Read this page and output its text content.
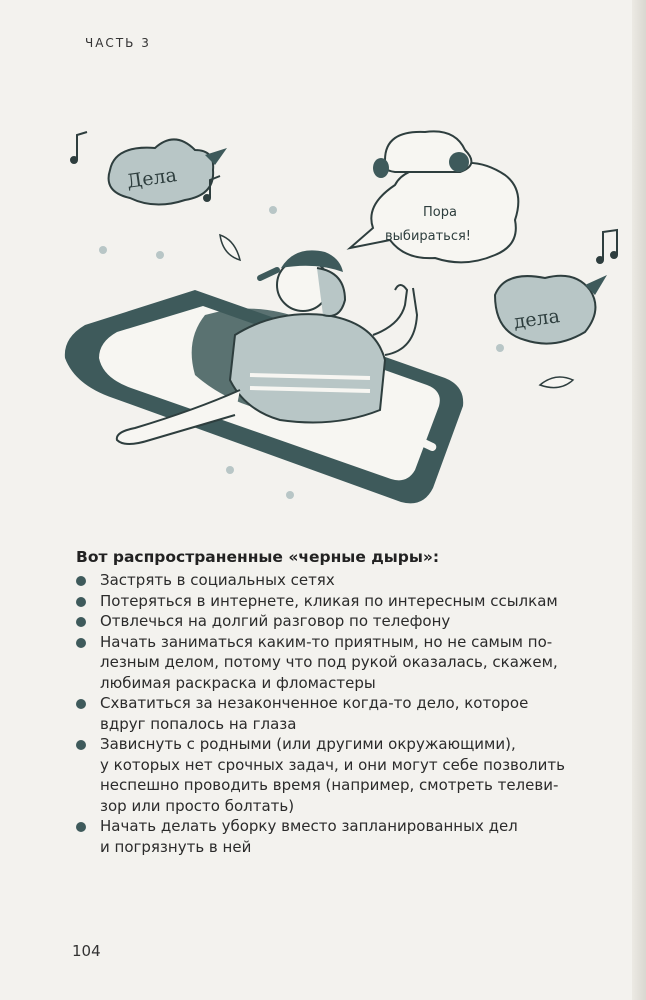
ЧАСТЬ 3
Дела
дела
Пора
выбираться!
Вот распространенные «черные дыры»:
Застрять в социальных сетях
Потеряться в интернете, кликая по интересным ссылкам
Отвлечься на долгий разговор по телефону
Начать заниматься каким-то приятным, но не самым по-
лезным делом, потому что под рукой оказалась, скажем,
любимая раскраска и фломастеры
Схватиться за незаконченное когда-то дело, которое
вдруг попалось на глаза
Зависнуть с родными (или другими окружающими),
у которых нет срочных задач, и они могут себе позволить
неспешно проводить время (например, смотреть телеви-
зор или просто болтать)
Начать делать уборку вместо запланированных дел
и погрязнуть в ней
104
